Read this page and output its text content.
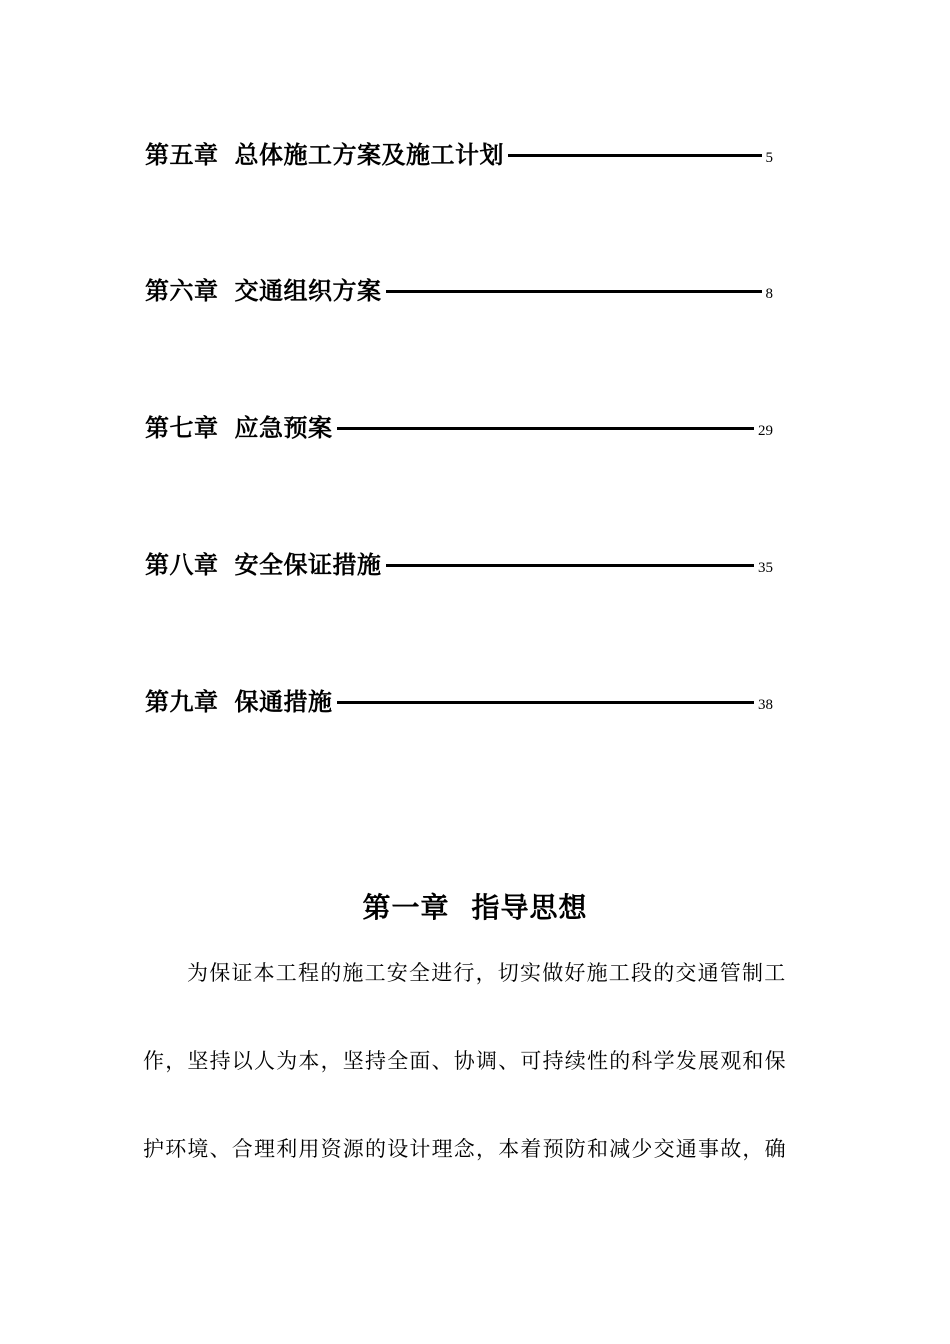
第五章 总体施工方案及施工计划	5
第六章 交通组织方案	8
第七章 应急预案	29
第八章 安全保证措施	35
第九章 保通措施	38
第一章 指导思想
为保证本工程的施工安全进行，切实做好施工段的交通管制工
作，坚持以人为本，坚持全面、协调、可持续性的科学发展观和保
护环境、合理利用资源的设计理念，本着预防和减少交通事故，确
